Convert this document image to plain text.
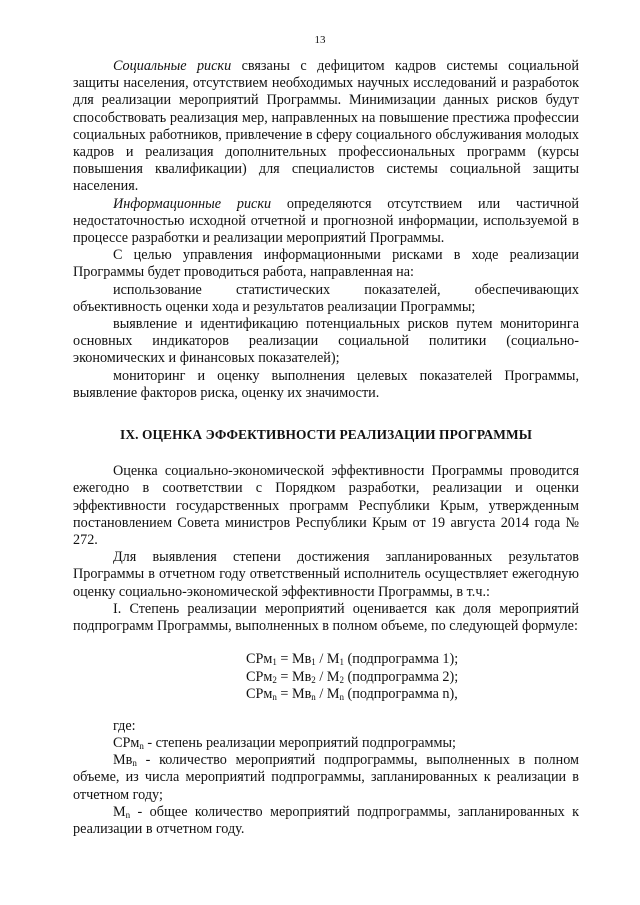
13

Социальные риски связаны с дефицитом кадров системы социальной защиты населения, отсутствием необходимых научных исследований и разработок для реализации мероприятий Программы. Минимизации данных рисков будут способствовать реализация мер, направленных на повышение престижа профессии социальных работников, привлечение в сферу социального обслуживания молодых кадров и реализация дополнительных профессиональных программ (курсы повышения квалификации) для специалистов системы социальной защиты населения.

Информационные риски определяются отсутствием или частичной недостаточностью исходной отчетной и прогнозной информации, используемой в процессе разработки и реализации мероприятий Программы.

С целью управления информационными рисками в ходе реализации Программы будет проводиться работа, направленная на:

использование статистических показателей, обеспечивающих объективность оценки хода и результатов реализации Программы;

выявление и идентификацию потенциальных рисков путем мониторинга основных индикаторов реализации социальной политики (социально-экономических и финансовых показателей);

мониторинг и оценку выполнения целевых показателей Программы, выявление факторов риска, оценку их значимости.

IX. ОЦЕНКА ЭФФЕКТИВНОСТИ РЕАЛИЗАЦИИ ПРОГРАММЫ

Оценка социально-экономической эффективности Программы проводится ежегодно в соответствии с Порядком разработки, реализации и оценки эффективности государственных программ Республики Крым, утвержденным постановлением Совета министров Республики Крым от 19 августа 2014 года № 272.

Для выявления степени достижения запланированных результатов Программы в отчетном году ответственный исполнитель осуществляет ежегодную оценку социально-экономической эффективности Программы, в т.ч.:

I. Степень реализации мероприятий оценивается как доля мероприятий подпрограмм Программы, выполненных в полном объеме, по следующей формуле:

$СРм_1 = Мв_1 / М_1$ (подпрограмма 1);
$СРм_2 = Мв_2 / М_2$ (подпрограмма 2);
$СРм_n = Мв_n / М_n$ (подпрограмма n),

где:

СРм$_n$ - степень реализации мероприятий подпрограммы;

$Мв_n$ - количество мероприятий подпрограммы, выполненных в полном объеме, из числа мероприятий подпрограммы, запланированных к реализации в отчетном году;

$М_n$ - общее количество мероприятий подпрограммы, запланированных к реализации в отчетном году.
